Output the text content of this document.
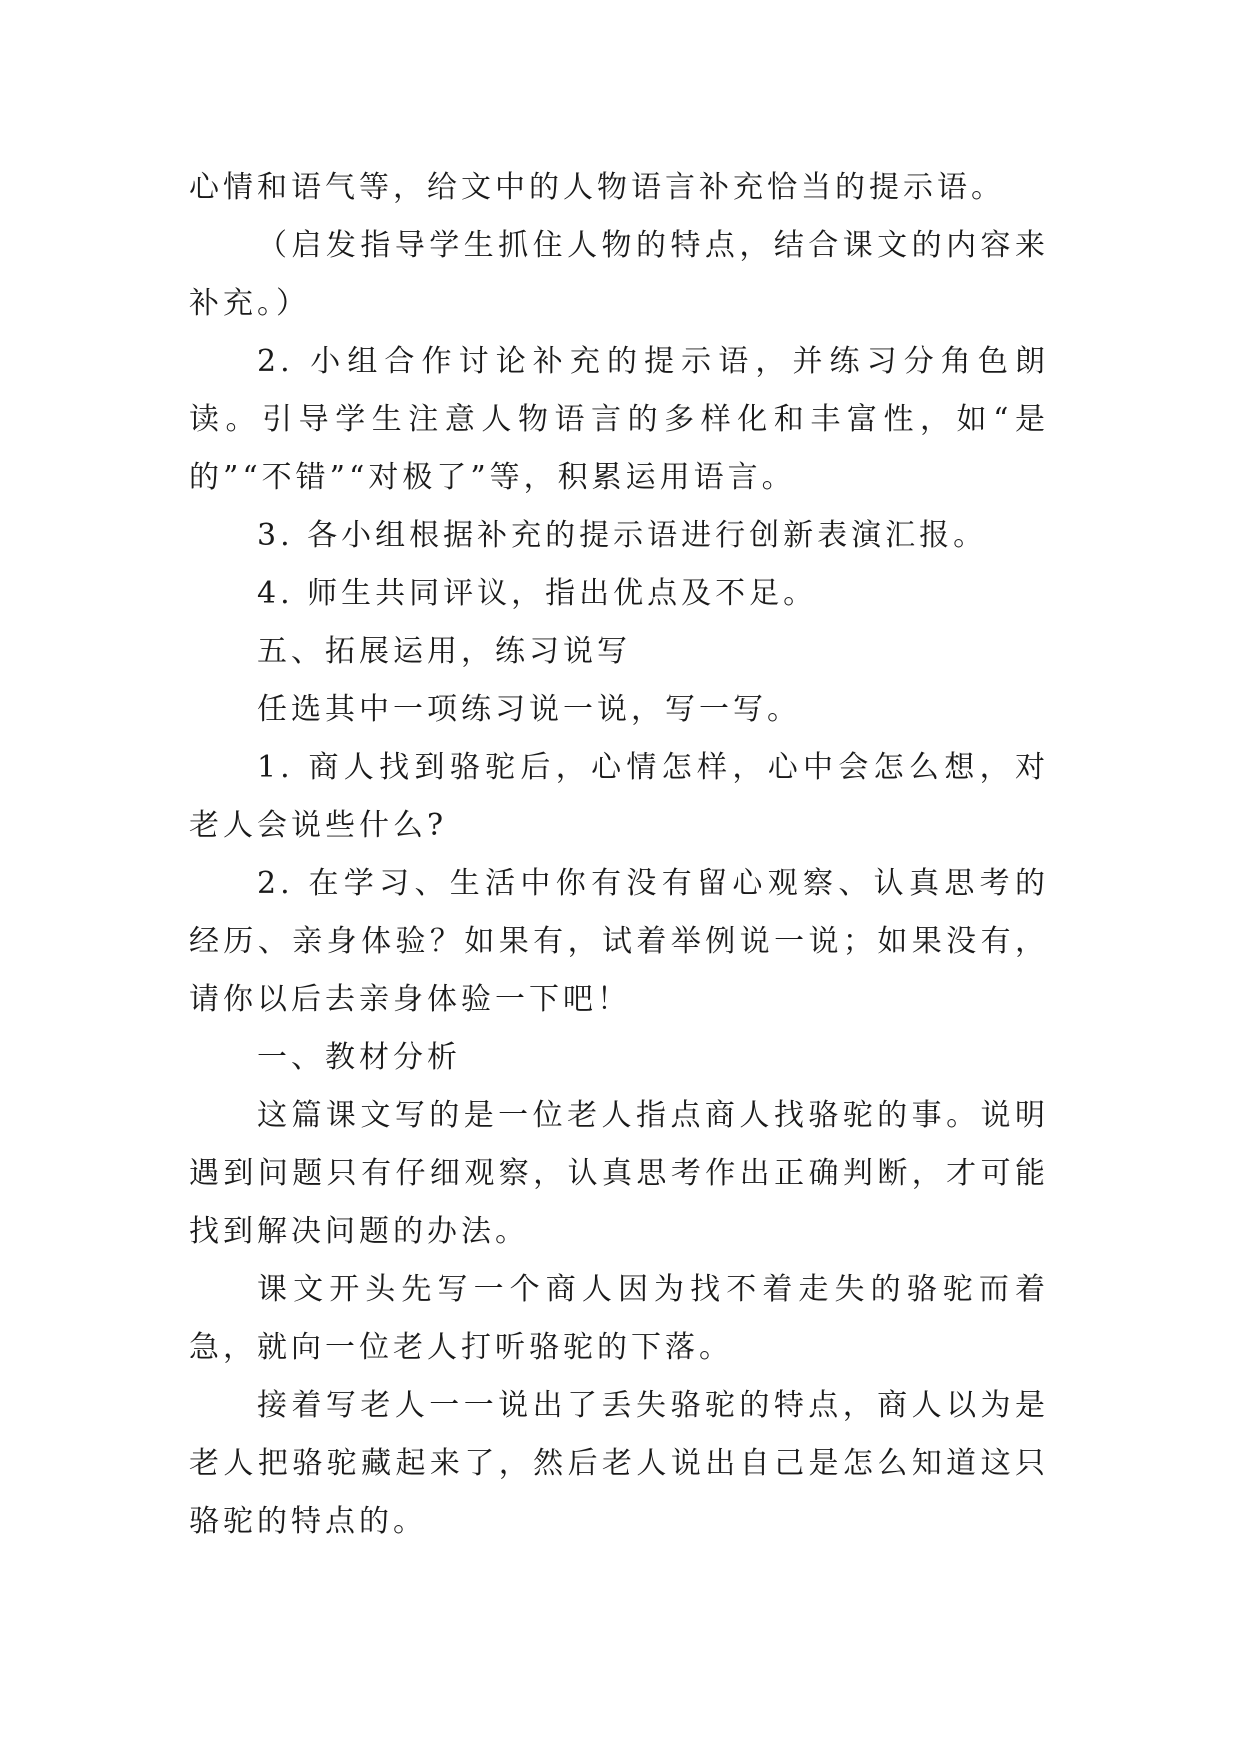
心情和语气等，给文中的人物语言补充恰当的提示语。

（启发指导学生抓住人物的特点，结合课文的内容来补充。）

2. 小组合作讨论补充的提示语，并练习分角色朗读。引导学生注意人物语言的多样化和丰富性，如“是的”“不错”“对极了”等，积累运用语言。

3. 各小组根据补充的提示语进行创新表演汇报。

4. 师生共同评议，指出优点及不足。

五、拓展运用，练习说写

任选其中一项练习说一说，写一写。

1. 商人找到骆驼后，心情怎样，心中会怎么想，对老人会说些什么?

2. 在学习、生活中你有没有留心观察、认真思考的经历、亲身体验？如果有，试着举例说一说；如果没有，请你以后去亲身体验一下吧！

一、教材分析

这篇课文写的是一位老人指点商人找骆驼的事。说明遇到问题只有仔细观察，认真思考作出正确判断，才可能找到解决问题的办法。

课文开头先写一个商人因为找不着走失的骆驼而着急，就向一位老人打听骆驼的下落。

接着写老人一一说出了丢失骆驼的特点，商人以为是老人把骆驼藏起来了，然后老人说出自己是怎么知道这只骆驼的特点的。
